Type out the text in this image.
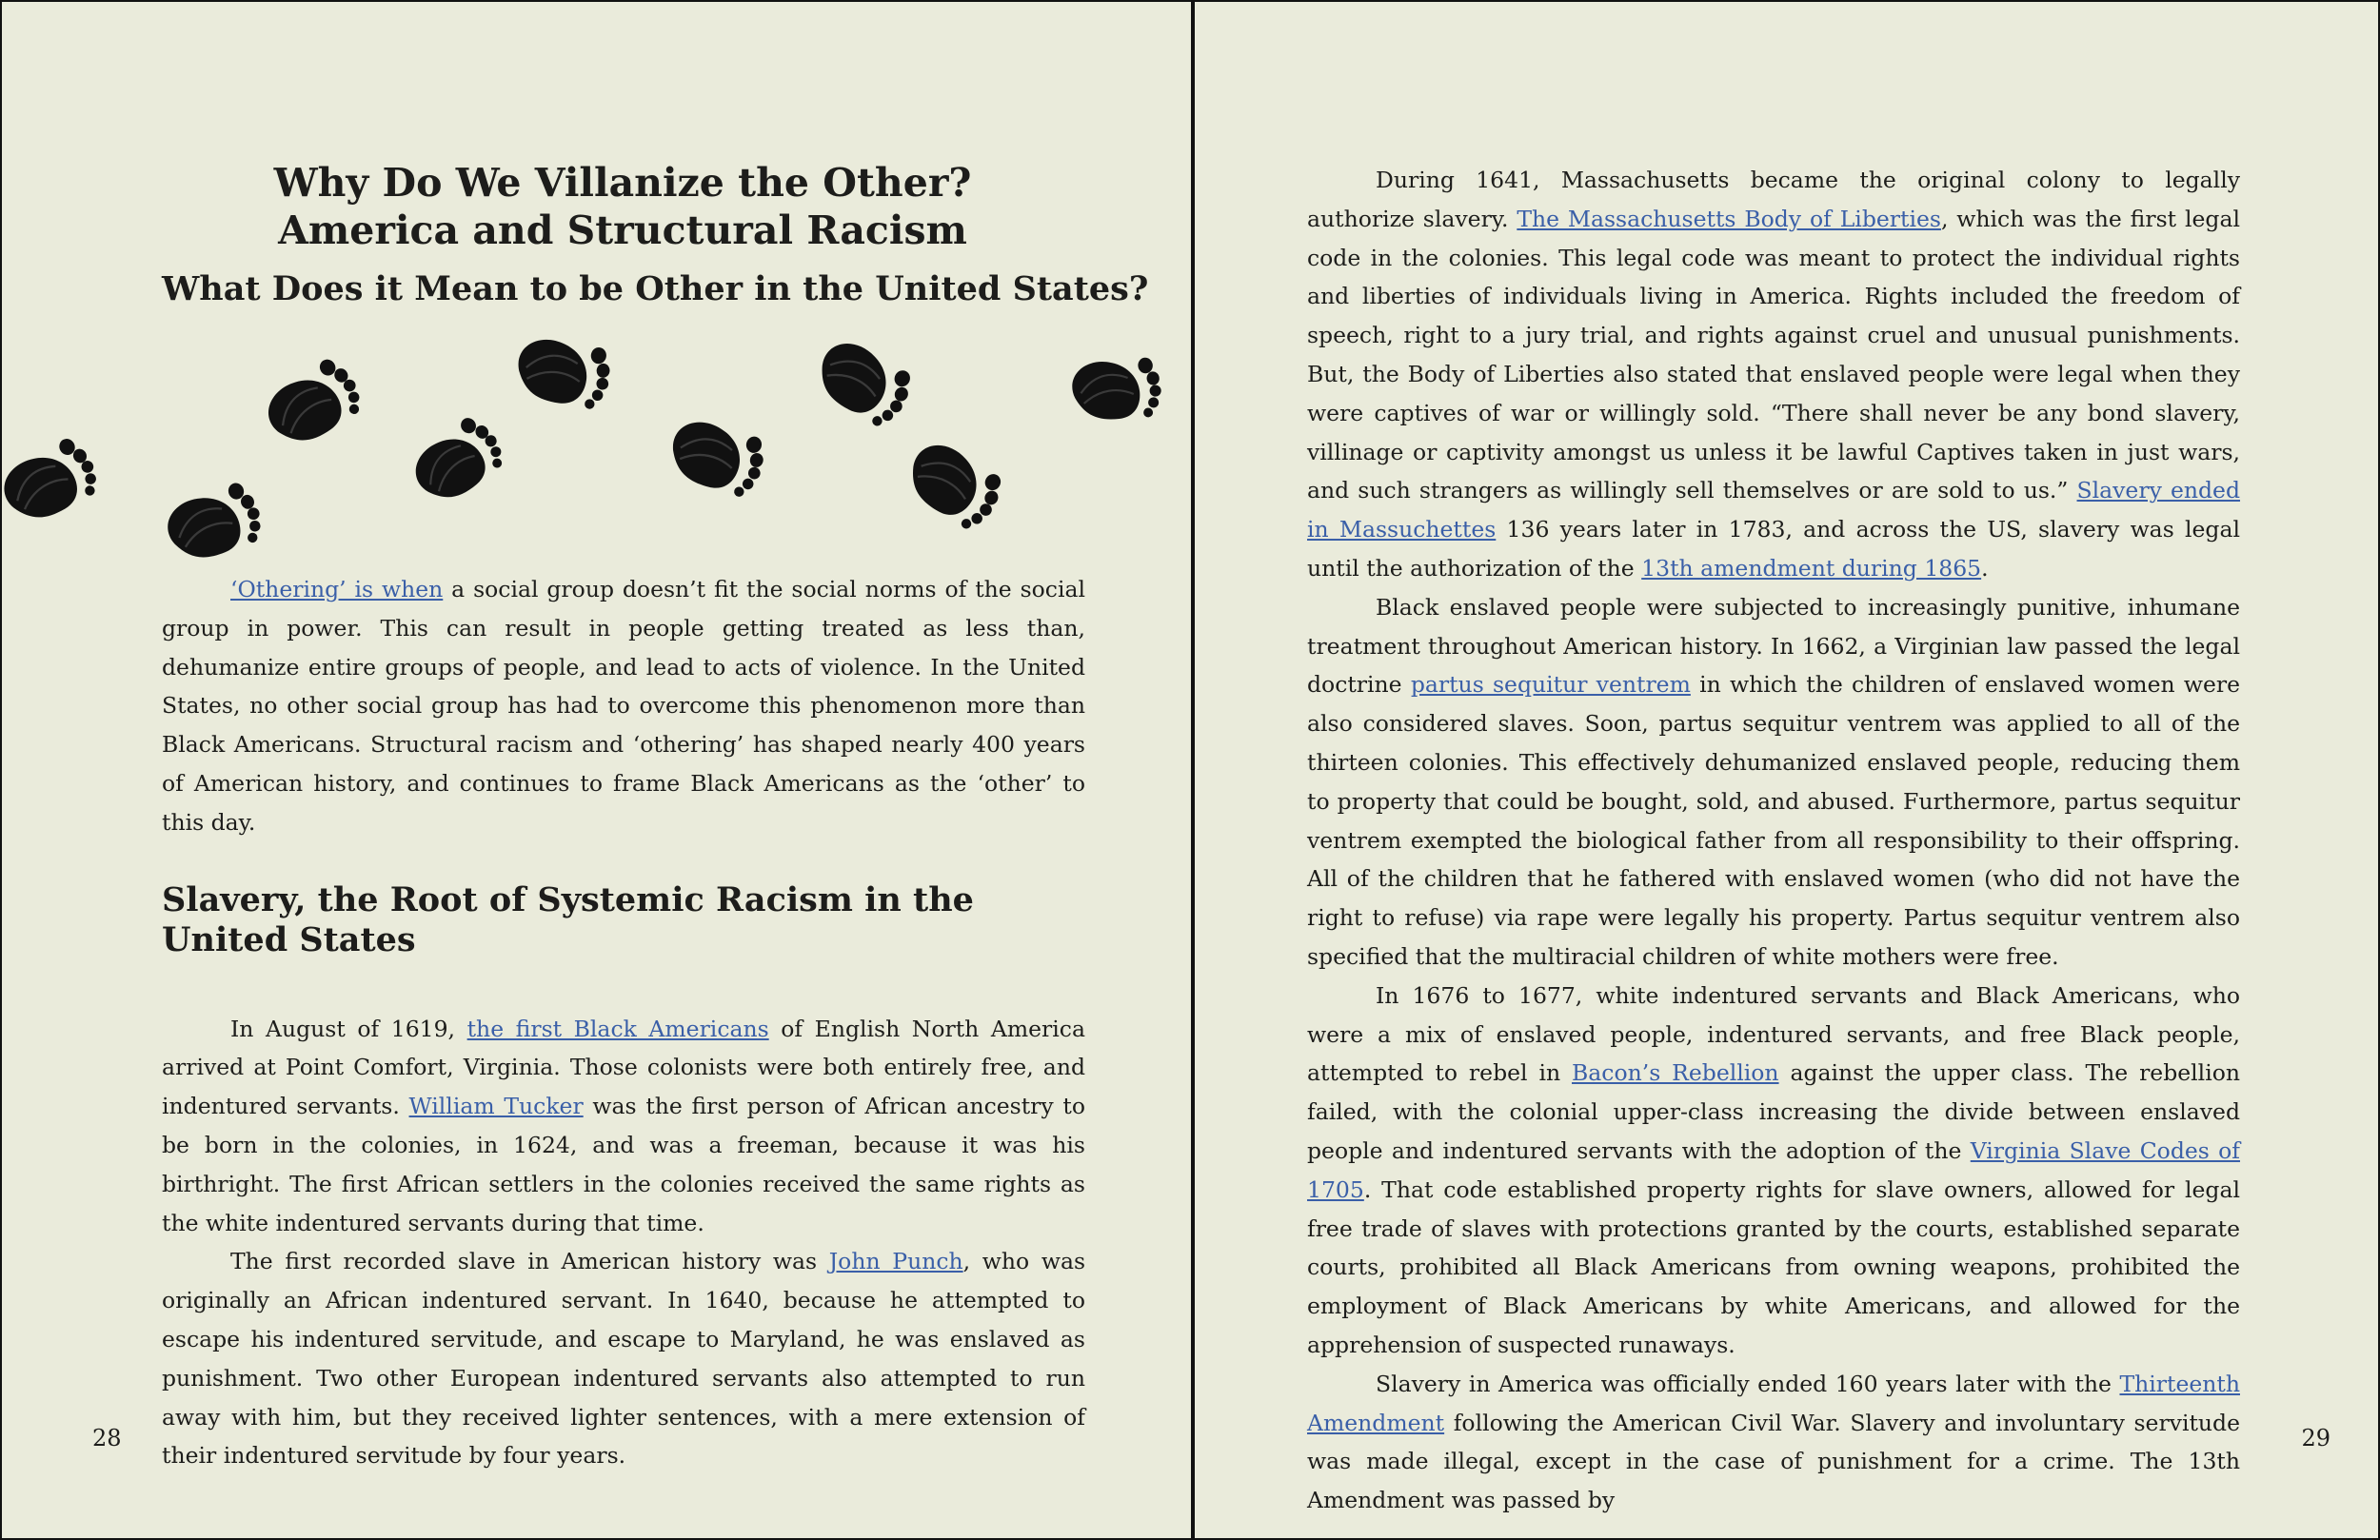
Why Do We Villanize the Other?
America and Structural Racism
What Does it Mean to be Other in the United States?

‘Othering’ is when a social group doesn’t fit the social norms of the social group in power. This can result in people getting treated as less than, dehumanize entire groups of people, and lead to acts of violence. In the United States, no other social group has had to overcome this phenomenon more than Black Americans. Structural racism and ‘othering’ has shaped nearly 400 years of American history, and continues to frame Black Americans as the ‘other’ to this day.

Slavery, the Root of Systemic Racism in the United States

In August of 1619, the first Black Americans of English North America arrived at Point Comfort, Virginia. Those colonists were both entirely free, and indentured servants. William Tucker was the first person of African ancestry to be born in the colonies, in 1624, and was a freeman, because it was his birthright. The first African settlers in the colonies received the same rights as the white indentured servants during that time.

The first recorded slave in American history was John Punch, who was originally an African indentured servant. In 1640, because he attempted to escape his indentured servitude, and escape to Maryland, he was enslaved as punishment. Two other European indentured servants also attempted to run away with him, but they received lighter sentences, with a mere extension of their indentured servitude by four years.

28

During 1641, Massachusetts became the original colony to legally authorize slavery. The Massachusetts Body of Liberties, which was the first legal code in the colonies. This legal code was meant to protect the individual rights and liberties of individuals living in America. Rights included the freedom of speech, right to a jury trial, and rights against cruel and unusual punishments. But, the Body of Liberties also stated that enslaved people were legal when they were captives of war or willingly sold. “There shall never be any bond slavery, villinage or captivity amongst us unless it be lawful Captives taken in just wars, and such strangers as willingly sell themselves or are sold to us.” Slavery ended in Massuchettes 136 years later in 1783, and across the US, slavery was legal until the authorization of the 13th amendment during 1865.

Black enslaved people were subjected to increasingly punitive, inhumane treatment throughout American history. In 1662, a Virginian law passed the legal doctrine partus sequitur ventrem in which the children of enslaved women were also considered slaves. Soon, partus sequitur ventrem was applied to all of the thirteen colonies. This effectively dehumanized enslaved people, reducing them to property that could be bought, sold, and abused. Furthermore, partus sequitur ventrem exempted the biological father from all responsibility to their offspring. All of the children that he fathered with enslaved women (who did not have the right to refuse) via rape were legally his property. Partus sequitur ventrem also specified that the multiracial children of white mothers were free.

In 1676 to 1677, white indentured servants and Black Americans, who were a mix of enslaved people, indentured servants, and free Black people, attempted to rebel in Bacon’s Rebellion against the upper class. The rebellion failed, with the colonial upper-class increasing the divide between enslaved people and indentured servants with the adoption of the Virginia Slave Codes of 1705. That code established property rights for slave owners, allowed for legal free trade of slaves with protections granted by the courts, established separate courts, prohibited all Black Americans from owning weapons, prohibited the employment of Black Americans by white Americans, and allowed for the apprehension of suspected runaways.

Slavery in America was officially ended 160 years later with the Thirteenth Amendment following the American Civil War. Slavery and involuntary servitude was made illegal, except in the case of punishment for a crime. The 13th Amendment was passed by

29
